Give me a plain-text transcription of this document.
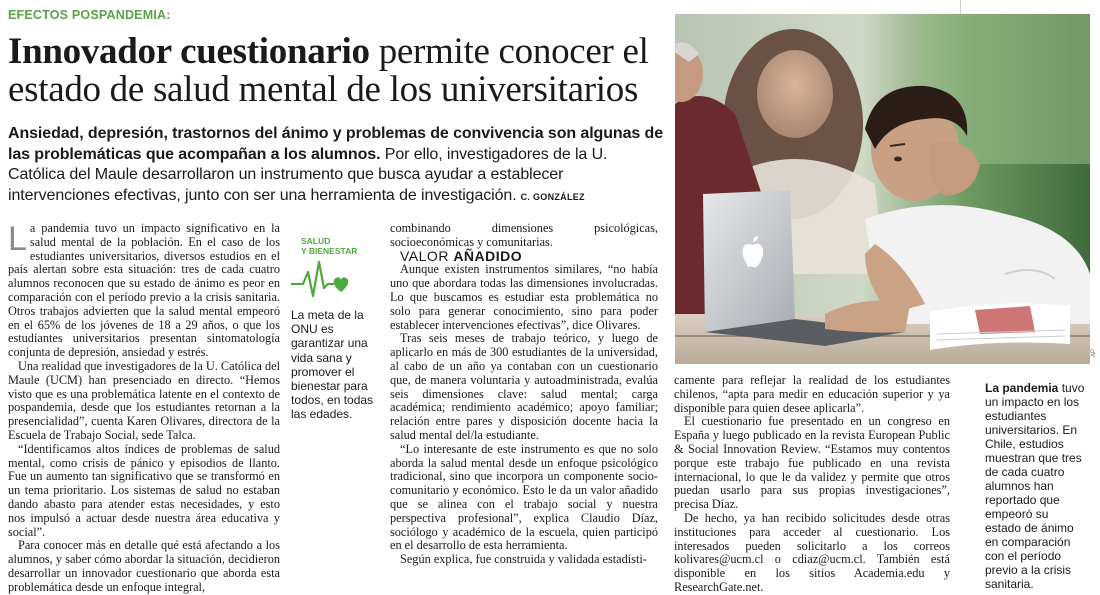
EFECTOS POSPANDEMIA:
Innovador cuestionario permite conocer el estado de salud mental de los universitarios
Ansiedad, depresión, trastornos del ánimo y problemas de convivencia son algunas de las problemáticas que acompañan a los alumnos. Por ello, investigadores de la U. Católica del Maule desarrollaron un instrumento que busca ayudar a establecer intervenciones efectivas, junto con ser una herramienta de investigación. C. GONZÁLEZ

La pandemia tuvo un impacto significativo en la salud mental de la población. En el caso de los estudiantes universitarios, diversos estudios en el país alertan sobre esta situación: tres de cada cuatro alumnos reconocen que su estado de ánimo es peor en comparación con el período previo a la crisis sanitaria. Otros trabajos advierten que la salud mental empeoró en el 65% de los jóvenes de 18 a 29 años, o que los estudiantes universitarios presentan sintomatología conjunta de depresión, ansiedad y estrés.

Una realidad que investigadores de la U. Católica del Maule (UCM) han presenciado en directo. “Hemos visto que es una problemática latente en el contexto de pospandemia, desde que los estudiantes retornan a la presencialidad”, cuenta Karen Olivares, directora de la Escuela de Trabajo Social, sede Talca.

“Identificamos altos índices de problemas de salud mental, como crisis de pánico y episodios de llanto. Fue un aumento tan significativo que se transformó en un tema prioritario. Los sistemas de salud no estaban dando abasto para atender estas necesidades, y esto nos impulsó a actuar desde nuestra área educativa y social”.

Para conocer más en detalle qué está afectando a los alumnos, y saber cómo abordar la situación, decidieron desarrollar un innovador cuestionario que aborda esta problemática desde un enfoque integral,

SALUD
Y BIENESTAR
La meta de la ONU es garantizar una vida sana y promover el bienestar para todos, en todas las edades.

combinando dimensiones psicológicas, socioeconómicas y comunitarias.

VALOR AÑADIDO

Aunque existen instrumentos similares, “no había uno que abordara todas las dimensiones involucradas. Lo que buscamos es estudiar esta problemática no solo para generar conocimiento, sino para poder establecer intervenciones efectivas”, dice Olivares.

Tras seis meses de trabajo teórico, y luego de aplicarlo en más de 300 estudiantes de la universidad, al cabo de un año ya contaban con un cuestionario que, de manera voluntaria y autoadministrada, evalúa seis dimensiones clave: salud mental; carga académica; rendimiento académico; apoyo familiar; relación entre pares y disposición docente hacia la salud mental del/la estudiante.

“Lo interesante de este instrumento es que no solo aborda la salud mental desde un enfoque psicológico tradicional, sino que incorpora un componente socio-comunitario y económico. Esto le da un valor añadido que se alinea con el trabajo social y nuestra perspectiva profesional”, explica Claudio Díaz, sociólogo y académico de la escuela, quien participó en el desarrollo de esta herramienta.

Según explica, fue construida y validada estadísti-

camente para reflejar la realidad de los estudiantes chilenos, “apta para medir en educación superior y ya disponible para quien desee aplicarla”.

El cuestionario fue presentado en un congreso en España y luego publicado en la revista European Public & Social Innovation Review. “Estamos muy contentos porque este trabajo fue publicado en una revista internacional, lo que le da validez y permite que otros puedan usarlo para sus propias investigaciones”, precisa Díaz.

De hecho, ya han recibido solicitudes desde otras instituciones para acceder al cuestionario. Los interesados pueden solicitarlo a los correos kolivares@ucm.cl o cdiaz@ucm.cl. También está disponible en los sitios Academia.edu y ResearchGate.net.

La pandemia tuvo un impacto en los estudiantes universitarios. En Chile, estudios muestran que tres de cada cuatro alumnos han reportado que empeoró su estado de ánimo en comparación con el período previo a la crisis sanitaria.
AP
